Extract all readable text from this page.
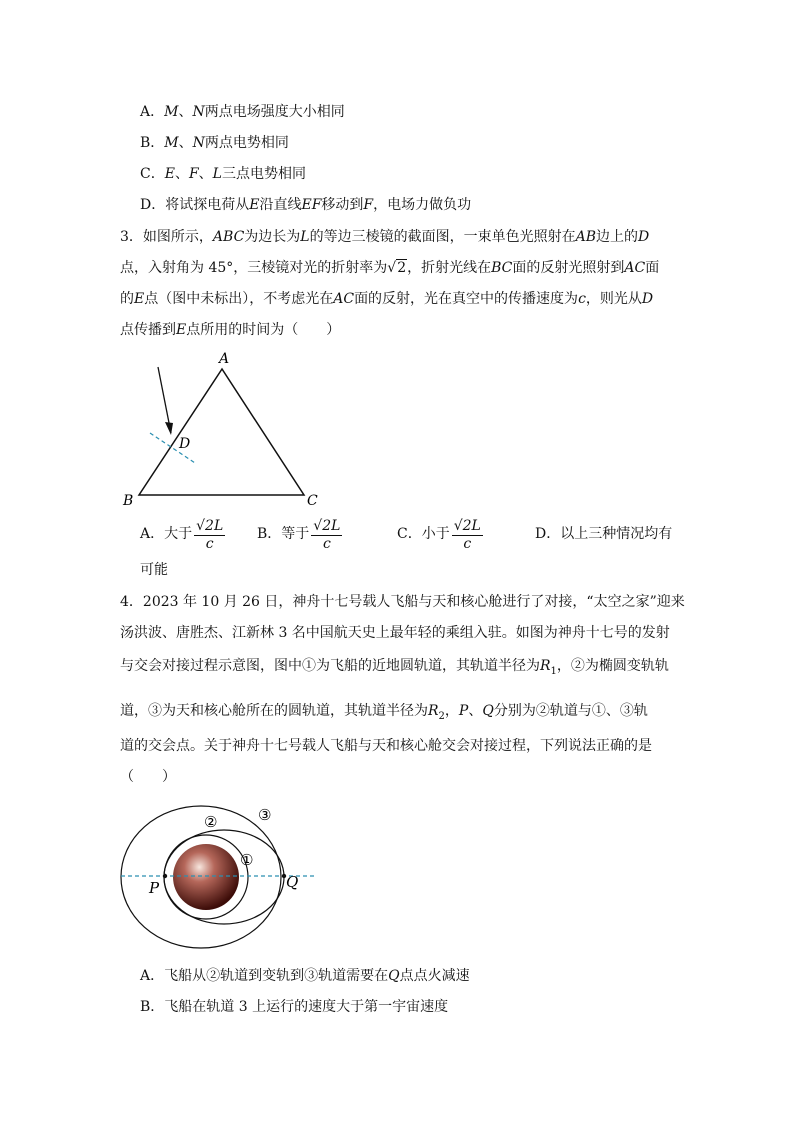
A．M、N两点电场强度大小相同
B．M、N两点电势相同
C．E、F、L三点电势相同
D．将试探电荷从E沿直线EF移动到F，电场力做负功
3．如图所示，ABC为边长为L的等边三棱镜的截面图，一束单色光照射在AB边上的D
点，入射角为 45°，三棱镜对光的折射率为√2，折射光线在BC面的反射光照射到AC面
的E点（图中未标出），不考虑光在AC面的反射，光在真空中的传播速度为c，则光从D
点传播到E点所用的时间为（　　）
A
B	C
D
A．大于 $\frac{√2L}{c}$ B．等于 $\frac{√2L}{c}$	C．小于 $\frac{√2L}{c}$	D．以上三种情况均有
可能
4．2023 年 10 月 26 日，神舟十七号载人飞船与天和核心舱进行了对接，“太空之家”迎来
汤洪波、唐胜杰、江新林 3 名中国航天史上最年轻的乘组入驻。如图为神舟十七号的发射
与交会对接过程示意图，图中①为飞船的近地圆轨道，其轨道半径为$R_1$，②为椭圆变轨轨
道，③为天和核心舱所在的圆轨道，其轨道半径为$R_2$，P、Q分别为②轨道与①、③轨
道的交会点。关于神舟十七号载人飞船与天和核心舱交会对接过程，下列说法正确的是
（　　）
P	Q
①
②	③
A．飞船从②轨道到变轨到③轨道需要在Q点点火减速
B．飞船在轨道 3 上运行的速度大于第一宇宙速度
